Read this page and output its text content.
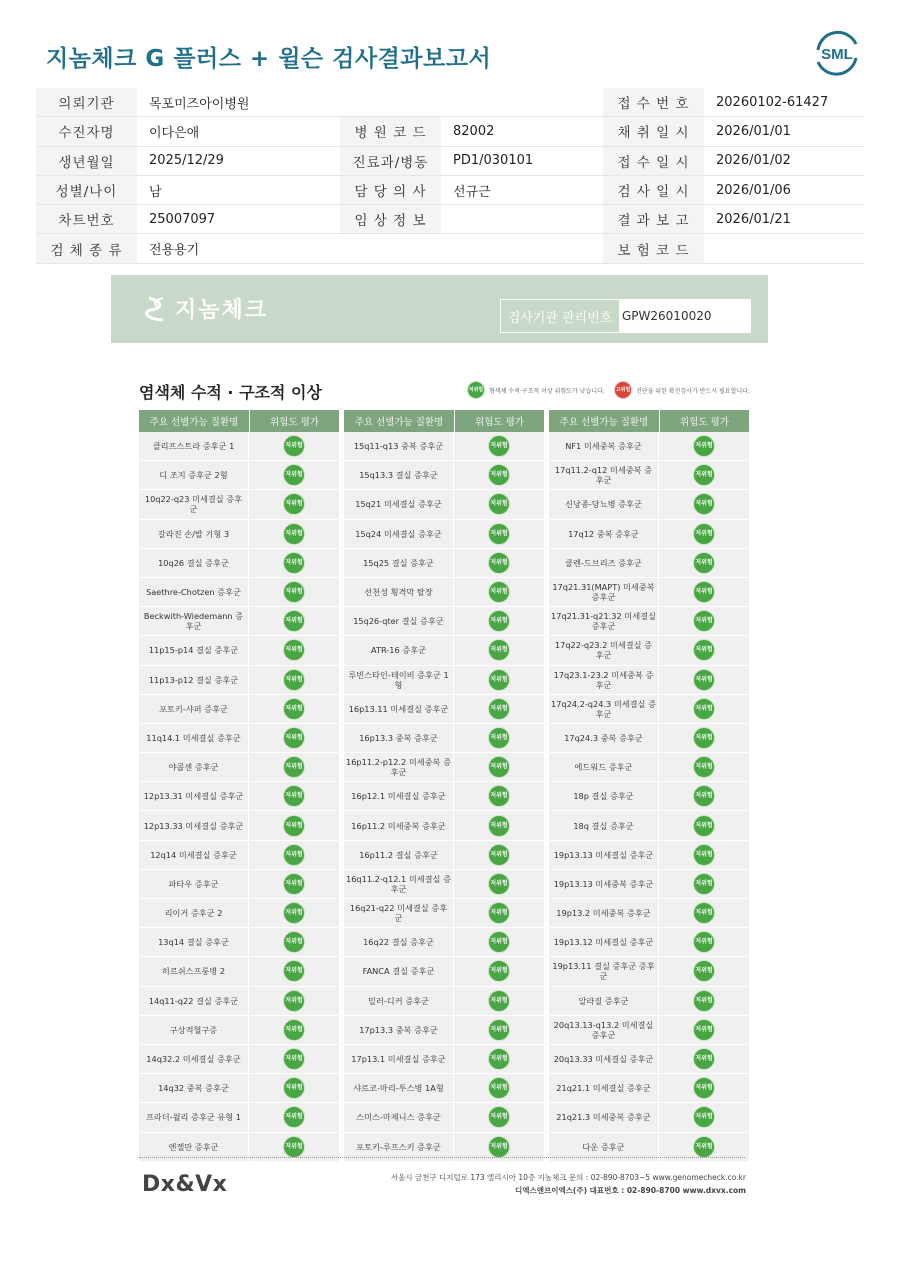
지놈체크 G 플러스 + 윌슨 검사결과보고서	SML
의뢰기관	목포미즈아이병원			접 수 번 호	20260102-61427
수진자명	이다은애	병 원 코 드	82002	채 취 일 시	2026/01/01
생년월일	2025/12/29	진료과/병동	PD1/030101	접 수 일 시	2026/01/02
성별/나이	남	담 당 의 사	선규근	검 사 일 시	2026/01/06
차트번호	25007097	임 상 정 보		결 과 보 고	2026/01/21
검 체 종 류	전용용기			보 험 코 드	
지놈체크	검사기관 관리번호 GPW26010020
염색체 수적 · 구조적 이상	저위험 형색체 수적·구조적 이상 위험도가 낮습니다.	고위험 진단을 위한 확진검사가 반드시 필요합니다.
주요 선별가능 질환명	위험도 평가
클리프스트라 증후군 1	저위험
디 조지 증후군 2형	저위험
10q22-q23 미세결실 증후군
저위험
갈라진 손/발 기형 3	저위험
10q26 결실 증후군	저위험
Saethre-Chotzen 증후군	저위험
Beckwith-Wiedemann 증후군
저위험
11p15-p14 결실 증후군	저위험
11p13-p12 결실 증후군	저위험
포토키-샤퍼 증후군	저위험
11q14.1 미세결실 증후군	저위험
야콥센 증후군	저위험
12p13.31 미세결실 증후군	저위험
12p13.33 미세결실 증후군	저위험
12q14 미세결실 증후군	저위험
파타우 증후군	저위험
리이거 증후군 2	저위험
13q14 결실 증후군	저위험
히르쉬스프룽병 2	저위험
14q11-q22 결실 증후군	저위험
구상적혈구증	저위험
14q32.2 미세결실 증후군	저위험
14q32 중복 증후군	저위험
프라더-윌리 증후군 유형 1	저위험
엔젤만 증후군	저위험
주요 선별가능 질환명	위험도 평가
15q11-q13 중복 증후군	저위험
15q13.3 결실 증후군	저위험
15q21 미세결실 증후군	저위험
15q24 미세결실 증후군	저위험
15q25 결실 증후군	저위험
선천성 횡격막 탈장	저위험
15q26-qter 결실 증후군	저위험
ATR-16 증후군	저위험
루빈스타인-테이비 증후군 1형
저위험
16p13.11 미세결실 증후군	저위험
16p13.3 중복 증후군	저위험
16p11.2-p12.2 미세중복 증후군
저위험
16p12.1 미세결실 증후군	저위험
16p11.2 미세중복 증후군	저위험
16p11.2 결실 증후군	저위험
16q11.2-q12.1 미세결실 증후군
저위험
16q21-q22 미세결실 증후군
저위험
16q22 결실 증후군	저위험
FANCA 결실 증후군	저위험
밀러-디커 증후군	저위험
17p13.3 중복 증후군	저위험
17p13.1 미세결실 증후군	저위험
샤르코-마리-투스병 1A형	저위험
스미스-마제니스 증후군	저위험
포토키-루프스키 증후군	저위험
주요 선별가능 질환명	위험도 평가
NF1 미세중복 증후군	저위험
17q11.2-q12 미세중복 증후군
저위험
신낭종-당뇨병 증후군	저위험
17q12 중복 증후군	저위험
쿨렌-드브리즈 증후군	저위험
17q21.31(MAPT) 미세중복 증후군
저위험
17q21.31-q21.32 미세결실 증후군
저위험
17q22-q23.2 미세결실 증후군
저위험
17q23.1-23.2 미세중복 증후군
저위험
17q24.2-q24.3 미세결실 증후군
저위험
17q24.3 중복 증후군	저위험
에드워드 증후군	저위험
18p 결실 증후군	저위험
18q 결실 증후군	저위험
19p13.13 미세결실 증후군	저위험
19p13.13 미세중복 증후군	저위험
19p13.2 미세중복 증후군	저위험
19p13.12 미세결실 증후군	저위험
19p13.11 결실 증후군 증후군
저위험
알라질 증후군	저위험
20q13.13-q13.2 미세결실 증후군
저위험
20q13.33 미세결실 증후군	저위험
21q21.1 미세결실 증후군	저위험
21q21.3 미세중복 증후군	저위험
다운 증후군	저위험
Dx&Vx	서울시 금천구 디지털로 173 엘리시아 10층 지놈체크 문의 : 02-890-8703~5 www.genomecheck.co.kr
디엑스앤브이엑스(주) 대표번호 : 02-890-8700 www.dxvx.com
